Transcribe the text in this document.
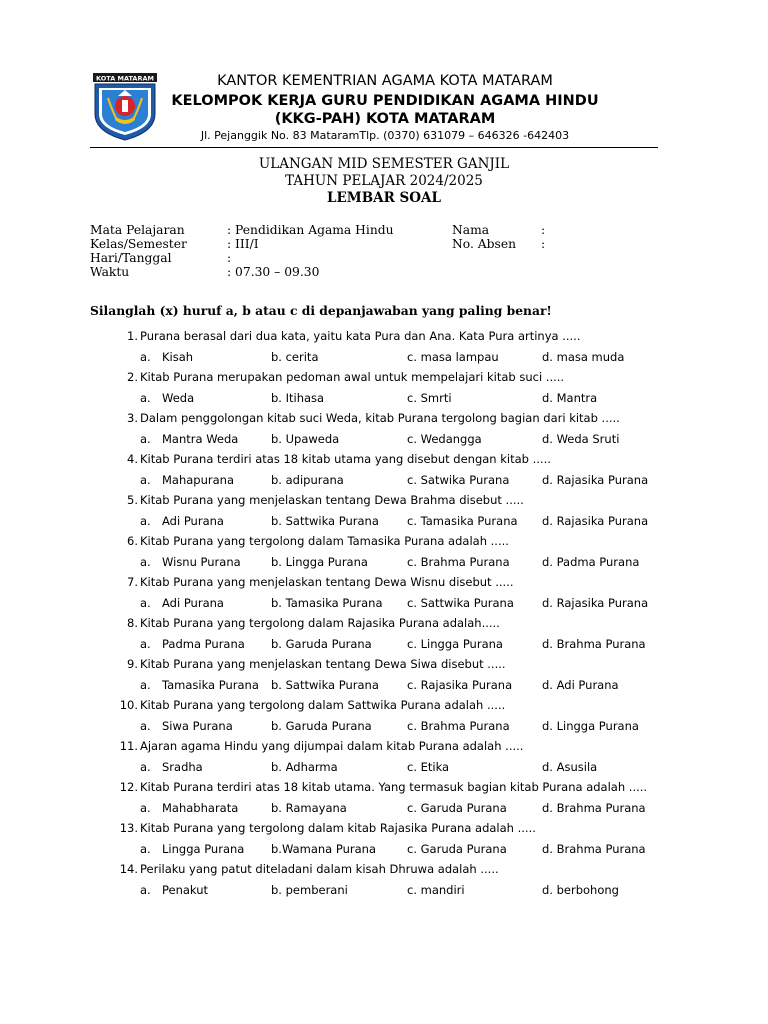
KOTA MATARAM	KANTOR KEMENTRIAN AGAMA KOTA MATARAM
KELOMPOK KERJA GURU PENDIDIKAN AGAMA HINDU
(KKG-PAH) KOTA MATARAM
Jl. Pejanggik No. 83 MataramTlp. (0370) 631079 – 646326 -642403
ULANGAN MID SEMESTER GANJIL
TAHUN PELAJAR 2024/2025
LEMBAR SOAL
Mata Pelajaran	: Pendidikan Agama Hindu
Kelas/Semester	: III/I
Hari/Tanggal	:
Waktu	: 07.30 – 09.30
Nama	:
No. Absen :
Silanglah (x) huruf a, b atau c di depanjawaban yang paling benar!
1. Purana berasal dari dua kata, yaitu kata Pura dan Ana. Kata Pura artinya .....
a. Kisah	b. cerita	c. masa lampau	d. masa muda
2. Kitab Purana merupakan pedoman awal untuk mempelajari kitab suci .....
a. Weda	b. Itihasa	c. Smrti	d. Mantra
3. Dalam penggolongan kitab suci Weda, kitab Purana tergolong bagian dari kitab .....
a. Mantra Weda	b. Upaweda	c. Wedangga	d. Weda Sruti
4. Kitab Purana terdiri atas 18 kitab utama yang disebut dengan kitab .....
a. Mahapurana	b. adipurana	c. Satwika Purana	d. Rajasika Purana
5. Kitab Purana yang menjelaskan tentang Dewa Brahma disebut .....
a. Adi Purana	b. Sattwika Purana c. Tamasika Purana d. Rajasika Purana
6. Kitab Purana yang tergolong dalam Tamasika Purana adalah .....
a. Wisnu Purana	b. Lingga Purana	c. Brahma Purana	d. Padma Purana
7. Kitab Purana yang menjelaskan tentang Dewa Wisnu disebut .....
a. Adi Purana	b. Tamasika Purana c. Sattwika Purana d. Rajasika Purana
8. Kitab Purana yang tergolong dalam Rajasika Purana adalah.....
a. Padma Purana b. Garuda Purana	c. Lingga Purana	d. Brahma Purana
9. Kitab Purana yang menjelaskan tentang Dewa Siwa disebut .....
a. Tamasika Purana b. Sattwika Purana c. Rajasika Purana	d. Adi Purana
10. Kitab Purana yang tergolong dalam Sattwika Purana adalah .....
a. Siwa Purana	b. Garuda Purana	c. Brahma Purana	d. Lingga Purana
11. Ajaran agama Hindu yang dijumpai dalam kitab Purana adalah .....
a. Sradha	b. Adharma	c. Etika	d. Asusila
12. Kitab Purana terdiri atas 18 kitab utama. Yang termasuk bagian kitab Purana adalah .....
a. Mahabharata	b. Ramayana	c. Garuda Purana	d. Brahma Purana
13. Kitab Purana yang tergolong dalam kitab Rajasika Purana adalah .....
a. Lingga Purana b.Wamana Purana	c. Garuda Purana	d. Brahma Purana
14. Perilaku yang patut diteladani dalam kisah Dhruwa adalah .....
a. Penakut	b. pemberani	c. mandiri	d. berbohong
